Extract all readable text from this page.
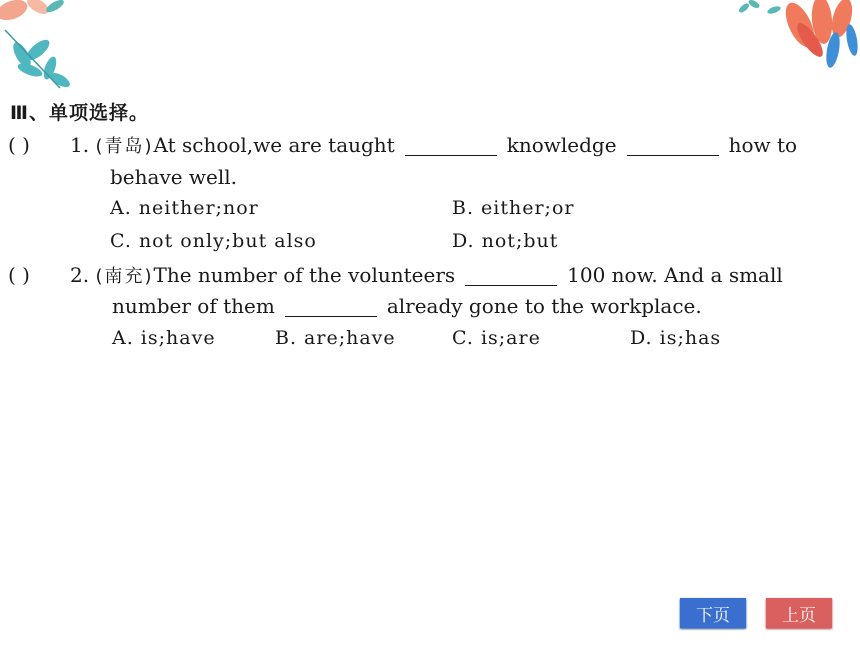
Ⅲ、单项选择。
( ) 1. (青岛)At school,we are taught	knowledge	how to
behave well.
A. neither;nor	B. either;or
C. not only;but also	D. not;but
( ) 2. (南充)The number of the volunteers	100 now. And a small
number of them	already gone to the workplace.
A. is;have	B. are;have	C. is;are	D. is;has
下页	上页
